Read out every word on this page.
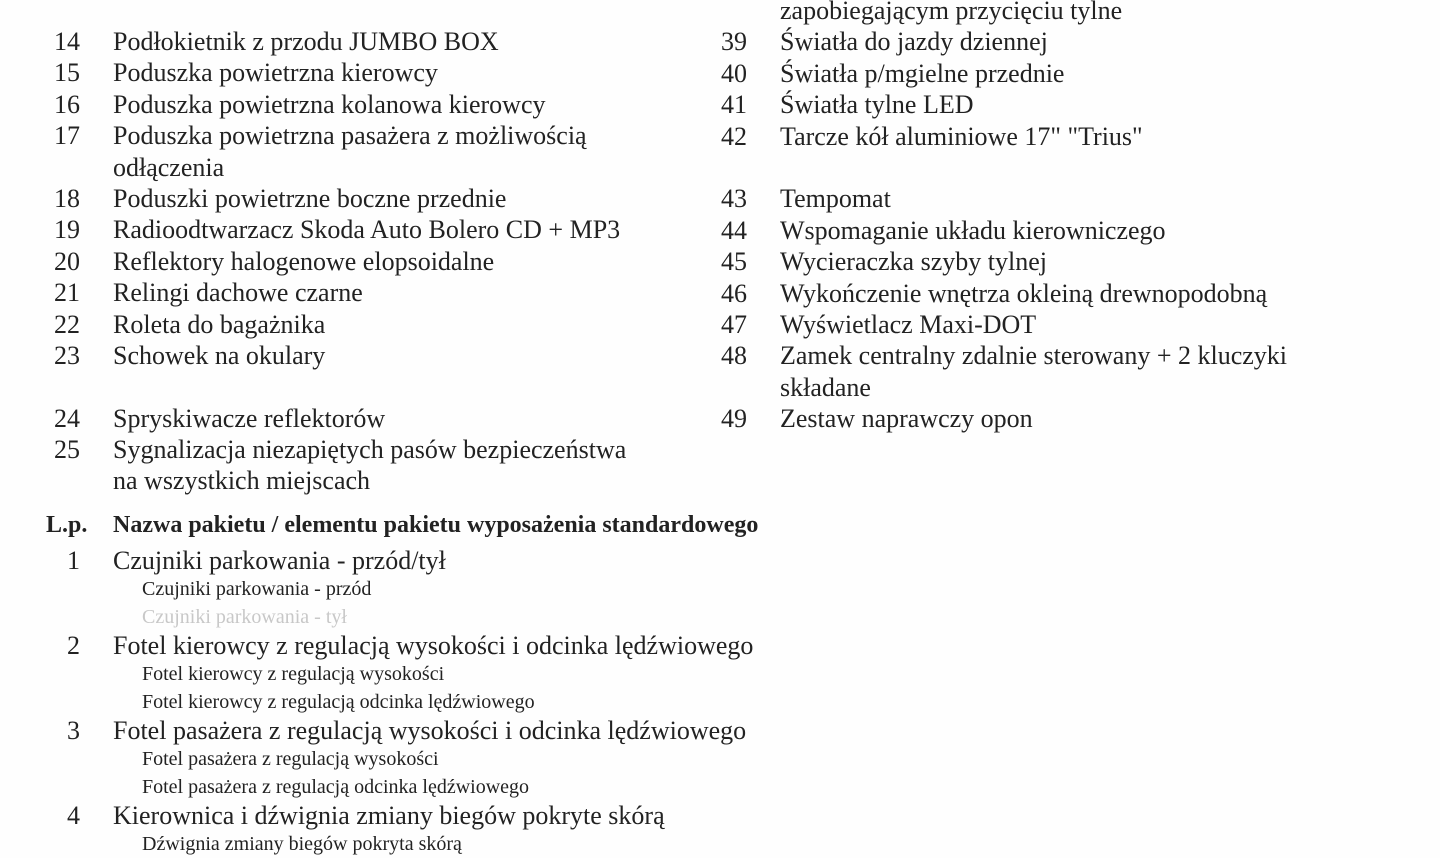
14 Podłokietnik z przodu JUMBO BOX
15 Poduszka powietrzna kierowcy
16 Poduszka powietrzna kolanowa kierowcy
17 Poduszka powietrzna pasażera z możliwością
odłączenia
18 Poduszki powietrzne boczne przednie
19 Radioodtwarzacz Skoda Auto Bolero CD + MP3
20 Reflektory halogenowe elopsoidalne
21 Relingi dachowe czarne
22 Roleta do bagażnika
23 Schowek na okulary
24 Spryskiwacze reflektorów
25 Sygnalizacja niezapiętych pasów bezpieczeństwa
na wszystkich miejscach
zapobiegającym przycięciu tylne
39 Światła do jazdy dziennej
40 Światła p/mgielne przednie
41 Światła tylne LED
42 Tarcze kół aluminiowe 17" "Trius"
43 Tempomat
44 Wspomaganie układu kierowniczego
45 Wycieraczka szyby tylnej
46 Wykończenie wnętrza okleiną drewnopodobną
47 Wyświetlacz Maxi-DOT
48 Zamek centralny zdalnie sterowany + 2 kluczyki
składane
49 Zestaw naprawczy opon
L.p. Nazwa pakietu / elementu pakietu wyposażenia standardowego
1 Czujniki parkowania - przód/tył
Czujniki parkowania - przód
Czujniki parkowania - tył
2 Fotel kierowcy z regulacją wysokości i odcinka lędźwiowego
Fotel kierowcy z regulacją wysokości
Fotel kierowcy z regulacją odcinka lędźwiowego
3 Fotel pasażera z regulacją wysokości i odcinka lędźwiowego
Fotel pasażera z regulacją wysokości
Fotel pasażera z regulacją odcinka lędźwiowego
4 Kierownica i dźwignia zmiany biegów pokryte skórą
Dźwignia zmiany biegów pokryta skórą
